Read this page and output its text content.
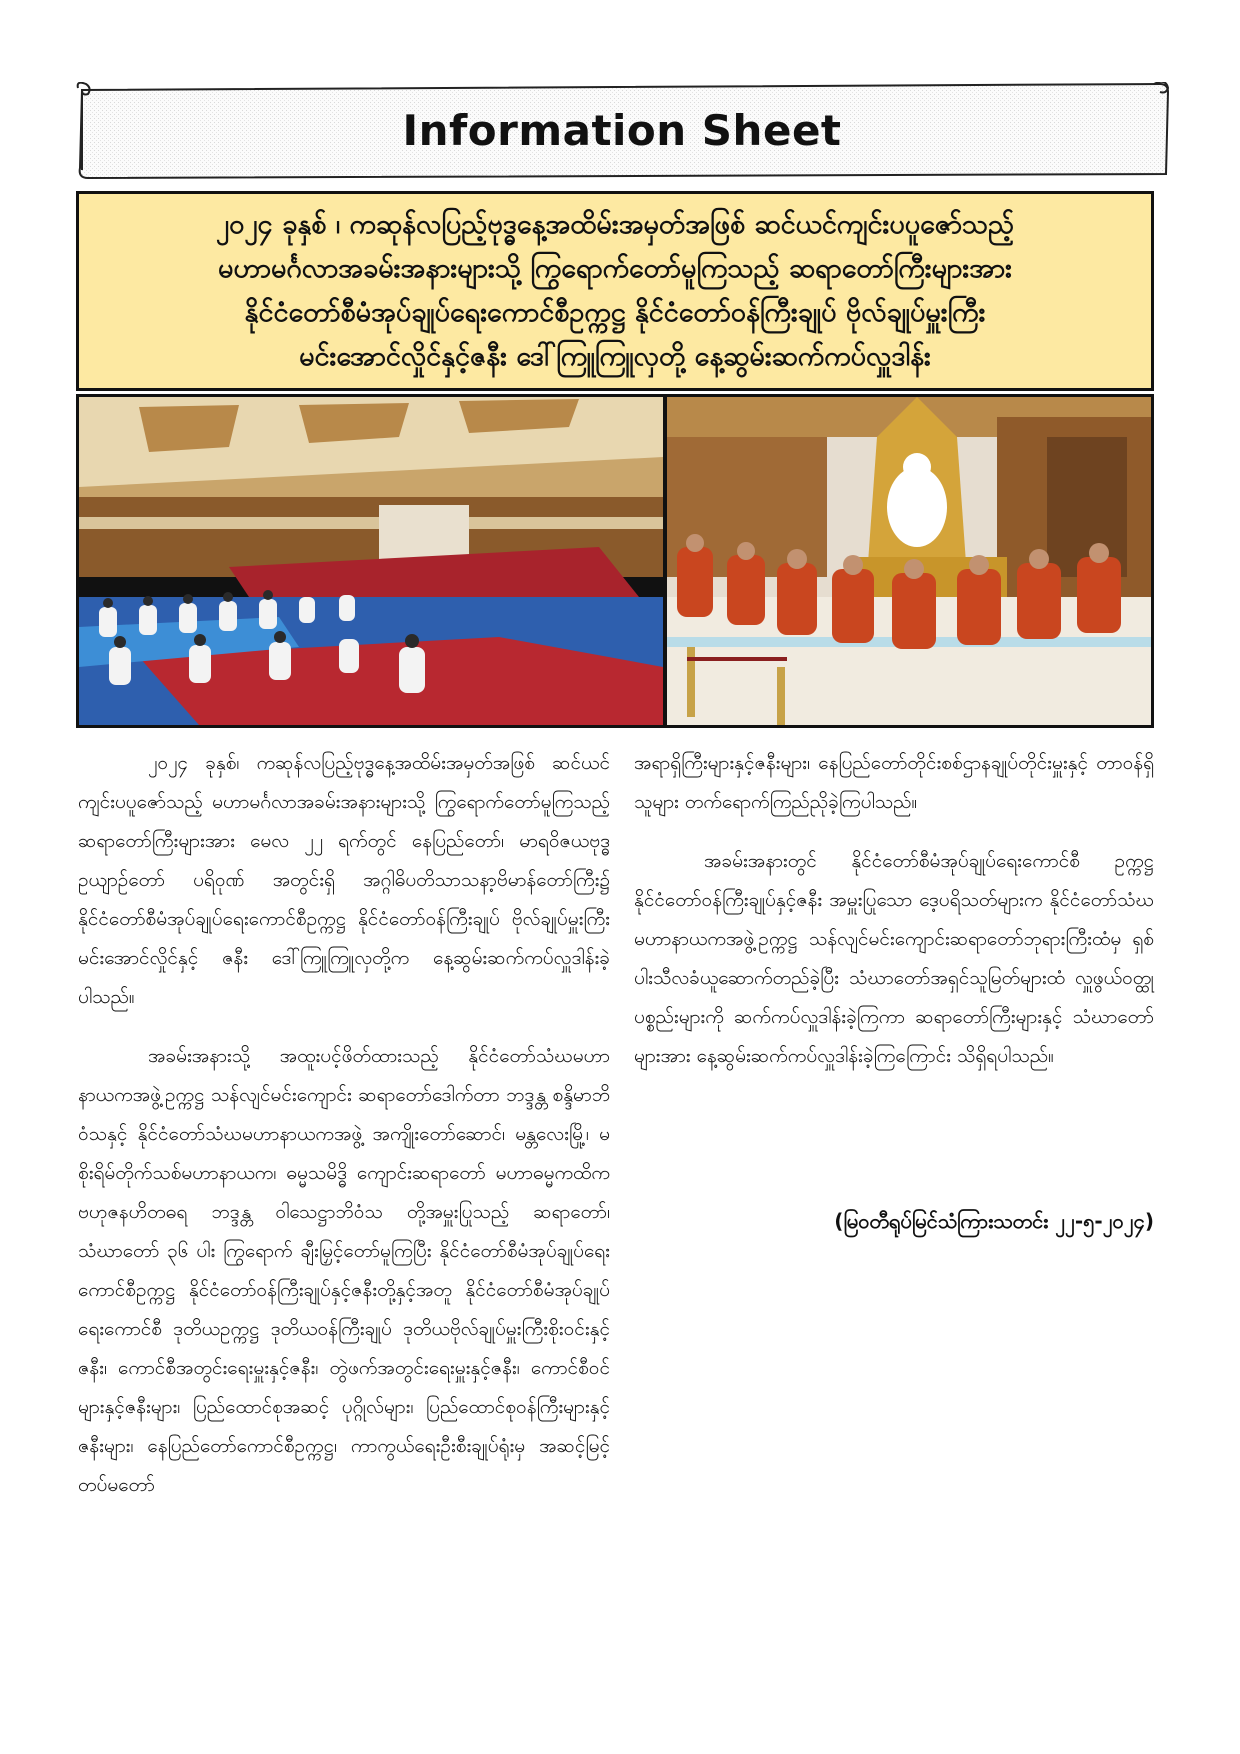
Information Sheet
၂၀၂၄ ခုနှစ် ၊ ကဆုန်လပြည့်ဗုဒ္ဓနေ့အထိမ်းအမှတ်အဖြစ် ဆင်ယင်ကျင်းပပူဇော်သည့်
မဟာမင်္ဂလာအခမ်းအနားများသို့ ကြွရောက်တော်မူကြသည့် ဆရာတော်ကြီးများအား
နိုင်ငံတော်စီမံအုပ်ချုပ်ရေးကောင်စီဥက္ကဋ္ဌ နိုင်ငံတော်ဝန်ကြီးချုပ် ဗိုလ်ချုပ်မှူးကြီး
မင်းအောင်လှိုင်နှင့်ဇနီး ဒေါ်ကြူကြူလှတို့ နေ့ဆွမ်းဆက်ကပ်လှူဒါန်း

၂၀၂၄ ခုနှစ်၊ ကဆုန်လပြည့်ဗုဒ္ဓနေ့အထိမ်းအမှတ်အဖြစ် ဆင်ယင်ကျင်းပပူဇော်သည့် မဟာမင်္ဂလာအခမ်းအနားများသို့ ကြွရောက်တော်မူကြသည့် ဆရာတော်ကြီးများအား မေလ ၂၂ ရက်တွင် နေပြည်တော်၊ မာရဝိဇယဗုဒ္ဓဥယျာဉ်တော် ပရိဝုဏ် အတွင်းရှိ အဂ္ဂါဓိပတိသာသနာ့ဗိမာန်တော်ကြီး၌ နိုင်ငံတော်စီမံအုပ်ချုပ်ရေးကောင်စီဥက္ကဋ္ဌ နိုင်ငံတော်ဝန်ကြီးချုပ် ဗိုလ်ချုပ်မှူးကြီး မင်းအောင်လှိုင်နှင့် ဇနီး ဒေါ်ကြူကြူလှတို့က နေ့ဆွမ်းဆက်ကပ်လှူဒါန်းခဲ့ပါသည်။

အခမ်းအနားသို့ အထူးပင့်ဖိတ်ထားသည့် နိုင်ငံတော်သံဃမဟာနာယကအဖွဲ့ဥက္ကဋ္ဌ သန်လျင်မင်းကျောင်း ဆရာတော်ဒေါက်တာ ဘဒ္ဒန္တ စန္ဒိမာဘိဝံသနှင့် နိုင်ငံတော်သံဃမဟာနာယကအဖွဲ့ အကျိုးတော်ဆောင်၊ မန္တလေးမြို့၊ မစိုးရိမ်တိုက်သစ်မဟာနာယက၊ ဓမ္မသမိဒ္ဓိ ကျောင်းဆရာတော် မဟာဓမ္မကထိက ဗဟုဇနဟိတဓရ ဘဒ္ဒန္တ ဝါသေဋ္ဌာဘိဝံသ တို့အမှူးပြုသည့် ဆရာတော်၊ သံဃာတော် ၃၆ ပါး ကြွရောက် ချီးမြှင့်တော်မူကြပြီး နိုင်ငံတော်စီမံအုပ်ချုပ်ရေးကောင်စီဥက္ကဋ္ဌ နိုင်ငံတော်ဝန်ကြီးချုပ်နှင့်ဇနီးတို့နှင့်အတူ နိုင်ငံတော်စီမံအုပ်ချုပ်ရေးကောင်စီ ဒုတိယဥက္ကဋ္ဌ ဒုတိယဝန်ကြီးချုပ် ဒုတိယဗိုလ်ချုပ်မှူးကြီးစိုးဝင်းနှင့်ဇနီး၊ ကောင်စီအတွင်းရေးမှူးနှင့်ဇနီး၊ တွဲဖက်အတွင်းရေးမှူးနှင့်ဇနီး၊ ကောင်စီဝင်များနှင့်ဇနီးများ၊ ပြည်ထောင်စုအဆင့် ပုဂ္ဂိုလ်များ၊ ပြည်ထောင်စုဝန်ကြီးများနှင့်ဇနီးများ၊ နေပြည်တော်ကောင်စီဥက္ကဋ္ဌ၊ ကာကွယ်ရေးဦးစီးချုပ်ရုံးမှ အဆင့်မြင့်တပ်မတော်

အရာရှိကြီးများနှင့်ဇနီးများ၊ နေပြည်တော်တိုင်းစစ်ဌာနချုပ်တိုင်းမှူးနှင့် တာဝန်ရှိသူများ တက်ရောက်ကြည်ညိုခဲ့ကြပါသည်။

အခမ်းအနားတွင် နိုင်ငံတော်စီမံအုပ်ချုပ်ရေးကောင်စီ ဥက္ကဋ္ဌ နိုင်ငံတော်ဝန်ကြီးချုပ်နှင့်ဇနီး အမှူးပြုသော ဒေ့ပရိသတ်များက နိုင်ငံတော်သံဃမဟာနာယကအဖွဲ့ဥက္ကဋ္ဌ သန်လျင်မင်းကျောင်းဆရာတော်ဘုရားကြီးထံမှ ရှစ်ပါးသီလခံယူဆောက်တည်ခဲ့ပြီး သံဃာတော်အရှင်သူမြတ်များထံ လှူဖွယ်ဝတ္ထုပစ္စည်းများကို ဆက်ကပ်လှူဒါန်းခဲ့ကြကာ ဆရာတော်ကြီးများနှင့် သံဃာတော်များအား နေ့ဆွမ်းဆက်ကပ်လှူဒါန်းခဲ့ကြကြောင်း သိရှိရပါသည်။

(မြဝတီရုပ်မြင်သံကြားသတင်း ၂၂-၅-၂၀၂၄)
